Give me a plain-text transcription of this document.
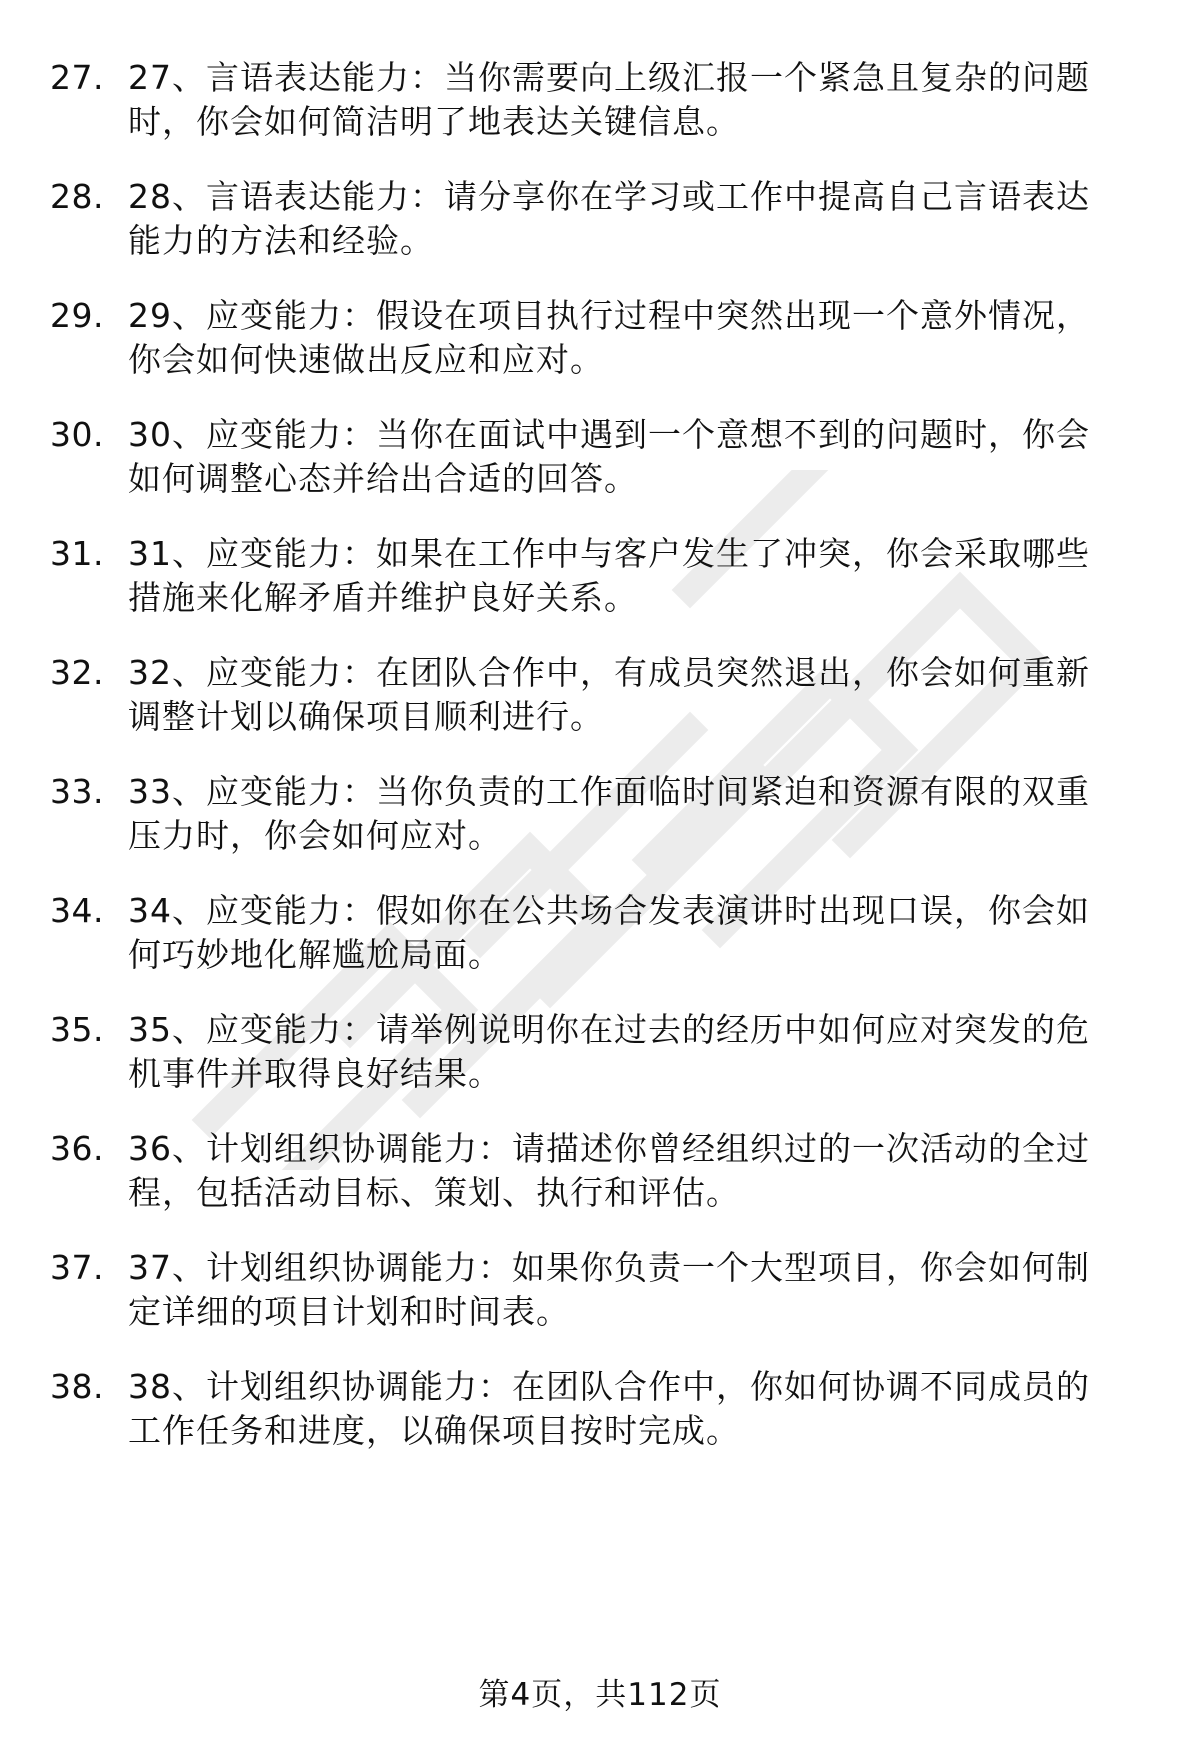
27. 27、言语表达能力：当你需要向上级汇报一个紧急且复杂的问题
时，你会如何简洁明了地表达关键信息。
28. 28、言语表达能力：请分享你在学习或工作中提高自己言语表达
能力的方法和经验。
29. 29、应变能力：假设在项目执行过程中突然出现一个意外情况，
你会如何快速做出反应和应对。
30. 30、应变能力：当你在面试中遇到一个意想不到的问题时，你会
如何调整心态并给出合适的回答。
31. 31、应变能力：如果在工作中与客户发生了冲突，你会采取哪些
措施来化解矛盾并维护良好关系。
32. 32、应变能力：在团队合作中，有成员突然退出，你会如何重新
调整计划以确保项目顺利进行。
33. 33、应变能力：当你负责的工作面临时间紧迫和资源有限的双重
压力时，你会如何应对。
34. 34、应变能力：假如你在公共场合发表演讲时出现口误，你会如
何巧妙地化解尴尬局面。
35. 35、应变能力：请举例说明你在过去的经历中如何应对突发的危
机事件并取得良好结果。
36. 36、计划组织协调能力：请描述你曾经组织过的一次活动的全过
程，包括活动目标、策划、执行和评估。
37. 37、计划组织协调能力：如果你负责一个大型项目，你会如何制
定详细的项目计划和时间表。
38. 38、计划组织协调能力：在团队合作中，你如何协调不同成员的
工作任务和进度，以确保项目按时完成。
第4页，共112页
